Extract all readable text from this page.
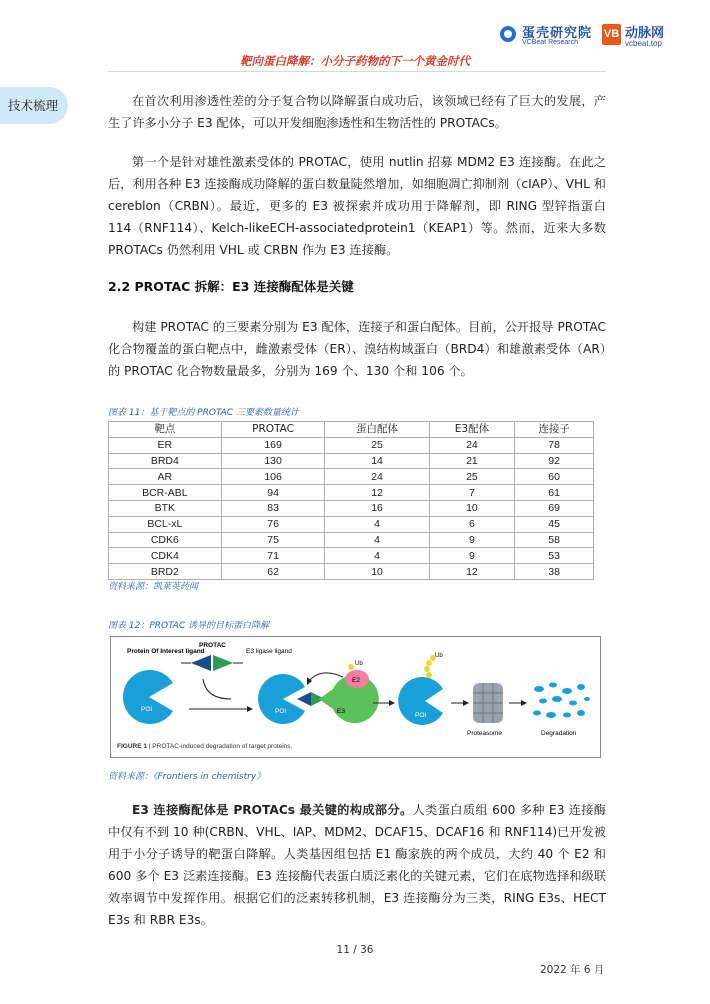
蛋壳研究院
VCBeat Research
VB 动脉网
vcbeat.top
靶向蛋白降解：小分子药物的下一个黄金时代
技术梳理	在首次利用渗透性差的分子复合物以降解蛋白成功后，该领域已经有了巨大的发展，产生了许多小分子 E3 配体，可以开发细胞渗透性和生物活性的 PROTACs。
第一个是针对雄性激素受体的 PROTAC，使用 nutlin 招募 MDM2 E3 连接酶。在此之后，利用各种 E3 连接酶成功降解的蛋白数量陡然增加，如细胞凋亡抑制剂（cIAP）、VHL 和 cereblon（CRBN）。最近，更多的 E3 被探索并成功用于降解剂，即 RING 型锌指蛋白 114（RNF114）、Kelch-likeECH-associatedprotein1（KEAP1）等。然而，近来大多数 PROTACs 仍然利用 VHL 或 CRBN 作为 E3 连接酶。
2.2 PROTAC 拆解：E3 连接酶配体是关键
构建 PROTAC 的三要素分别为 E3 配体，连接子和蛋白配体。目前，公开报导 PROTAC 化合物覆盖的蛋白靶点中，雌激素受体（ER）、溴结构域蛋白（BRD4）和雄激素受体（AR）的 PROTAC 化合物数量最多，分别为 169 个、130 个和 106 个。
图表 11：基于靶点的 PROTAC 三要素数量统计
靶点	PROTAC	蛋白配体	E3配体	连接子
ER	169	25	24	78
BRD4	130	14	21	92
AR	106	24	25	60
BCR-ABL	94	12	7	61
BTK	83	16	10	69
BCL-xL	76	4	6	45
CDK6	75	4	9	58
CDK4	71	4	9	53
BRD2	62	10	12	38
资料来源：凯莱英药闻
图表 12：PROTAC 诱导的目标蛋白降解
Protein Of Interest ligand
PROTAC
E3 ligase ligand
POI	POI	E3
E2
Ub
POI
Ub
Proteasome	Degradation
FIGURE 1 | PROTAC-induced degradation of target proteins.
资料来源：《Frontiers in chemistry》
E3 连接酶配体是 PROTACs 最关键的构成部分。人类蛋白质组 600 多种 E3 连接酶中仅有不到 10 种(CRBN、VHL、IAP、MDM2、DCAF15、DCAF16 和 RNF114)已开发被用于小分子诱导的靶蛋白降解。人类基因组包括 E1 酶家族的两个成员，大约 40 个 E2 和 600 多个 E3 泛素连接酶。E3 连接酶代表蛋白质泛素化的关键元素，它们在底物选择和级联效率调节中发挥作用。根据它们的泛素转移机制，E3 连接酶分为三类，RING E3s、HECT E3s 和 RBR E3s。
11 / 36
2022 年 6 月
